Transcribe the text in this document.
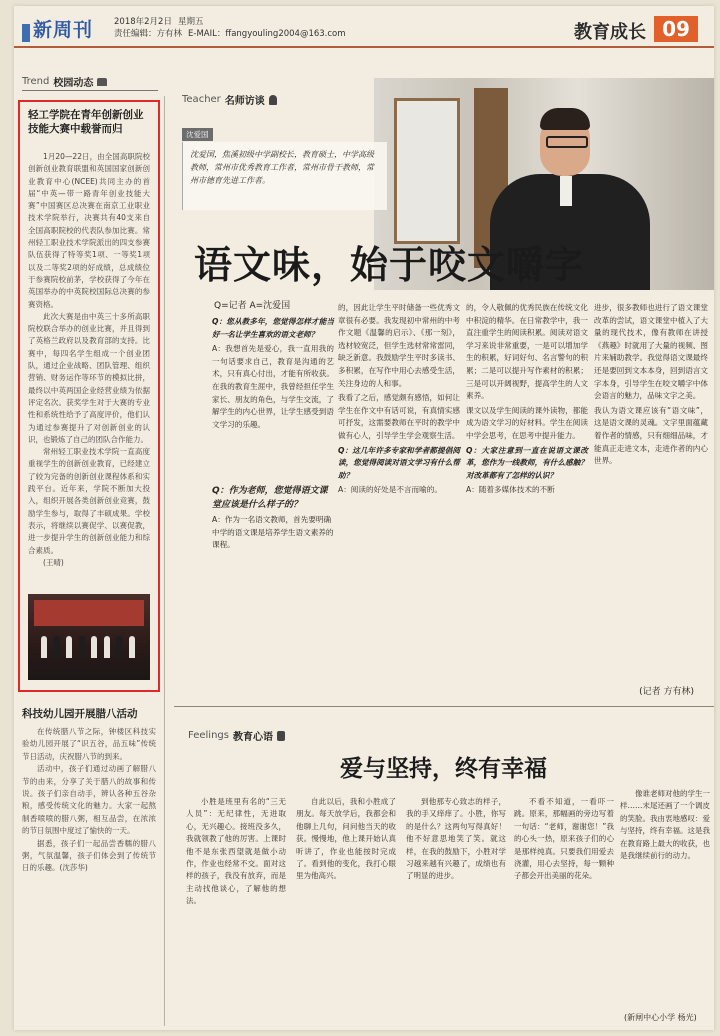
新周刊 2018年2月2日 星期五
责任编辑：方有林 E-MAIL：ffangyouling2004@163.com	教育成长 09
Trend 校园动态
轻工学院在青年创新创业技能大赛中载誉而归

1月20—22日，由全国高职院校创新创业教育联盟和英国国家创新创业教育中心(NCEE)共同主办的首届“中英—带一路青年创业技能大赛”中国赛区总决赛在南京工业职业技术学院举行，决赛共有40支来自全国高职院校的代表队参加比赛。常州轻工职业技术学院派出的四支参赛队伍获得了特等奖1项、一等奖1项以及二等奖2项的好成绩，总成绩位于参赛院校前茅，学校获得了今年在英国举办的中英院校国际总决赛的参赛资格。

此次大赛是由中英三十多所高职院校联合举办的创业比赛，并且得到了英格兰政府以及教育部的支持。比赛中，每四名学生组成一个创业团队，通过企业战略、团队管理、组织营销、财务运作等环节的模拟比拼，最终以中英两国企业经营业绩为依据评定名次。获奖学生对于大赛的专业性和系统性给予了高度评价，他们认为通过参赛提升了对创新创业的认识，也锻炼了自己的团队合作能力。

常州轻工职业技术学院一直高度重视学生的创新创业教育，已经建立了较为完备的创新创业课程体系和实践平台。近年来，学院不断加大投入，组织开展各类创新创业竞赛，鼓励学生参与，取得了丰硕成果。学校表示，将继续以赛促学、以赛促教，进一步提升学生的创新创业能力和综合素质。

(王晴)

科技幼儿园开展腊八活动

在传统腊八节之际，钟楼区科技实验幼儿园开展了“识五谷，品五味”传统节日活动，庆祝腊八节的到来。

活动中，孩子们通过动画了解腊八节的由来，分享了关于腊八的故事和传说。孩子们亲自动手，辨认各种五谷杂粮，感受传统文化的魅力。大家一起熬制香喷喷的腊八粥，相互品尝，在浓浓的节日氛围中度过了愉快的一天。

据悉，孩子们一起品尝香糯的腊八粥，气氛温馨，孩子们体会到了传统节日的乐趣。(沈莎华)

Teacher 名师访谈
沈爱国
沈爱国，焦溪初级中学副校长，教育硕士，中学高级教师，常州市优秀教育工作者，常州市骨干教师，常州市德育先进工作者。
语文味，始于咬文嚼字
Q=记者 A=沈爱国

Q：您从教多年，您觉得怎样才能当好一名让学生喜欢的语文老师？

A：我想首先是爱心，我一直用我的一句话要求自己，教育是沟通的艺术，只有真心付出，才能有所收获。在我的教育生涯中，我曾经担任学生家长、朋友的角色，与学生交流，了解学生的内心世界，让学生感受到语文学习的乐趣。

的，因此让学生平时储备一些优秀文章很有必要。我发现初中常州的中考作文题《温馨的启示》、《那一刻》，选材较宽泛，但学生选材常常雷同，缺乏新意。我鼓励学生平时多读书、多积累，在写作中用心去感受生活，关注身边的人和事。

我看了之后，感觉颇有感悟，如何让学生在作文中有话可说，有真情实感可抒发，这需要教师在平时的教学中做有心人，引导学生学会观察生活。

Q：这几年许多专家和学者都提倡阅读，您觉得阅读对语文学习有什么帮助？

A：阅读的好处是不言而喻的。

的，令人敬佩的优秀民族在传统文化中积淀的精华。在日常教学中，我一直注重学生的阅读积累。阅读对语文学习来说非常重要，一是可以增加学生的积累，好词好句、名言警句的积累；二是可以提升写作素材的积累；三是可以开阔视野，提高学生的人文素养。

课文以及学生阅读的课外读物，都能成为语文学习的好材料。学生在阅读中学会思考，在思考中提升能力。

Q：大家注意到一直在说语文课改革，您作为一线教师，有什么感触？对改革都有了怎样的认识？

A：随着多媒体技术的不断

进步，很多教师也进行了语文课堂改革的尝试，语文课堂中植入了大量的现代技术，像有教师在讲授《燕趣》时就用了大量的视频、图片来辅助教学。我觉得语文课最终还是要回到文本本身，回到语言文字本身，引导学生在咬文嚼字中体会语言的魅力，品味文字之美。

我认为语文课应该有“语文味”，这是语文课的灵魂。文字里面蕴藏着作者的情感，只有细细品味，才能真正走进文本，走进作者的内心世界。

Q：作为老师，您觉得语文课堂应该是什么样子的？

A：作为一名语文教师，首先要明确中学的语文课是培养学生语文素养的课程。

(记者 方有林)
Feelings 教育心语
爱与坚持，终有幸福

小胜是班里有名的“三无人员”：无纪律性，无进取心，无兴趣心。接班没多久，我就领教了他的厉害。上课时他不是东张西望就是做小动作，作业也经常不交。面对这样的孩子，我没有放弃，而是主动找他谈心，了解他的想法。

自此以后，我和小胜成了朋友。每天放学后，我都会和他聊上几句，问问他当天的收获。慢慢地，他上课开始认真听讲了，作业也能按时完成了。看到他的变化，我打心眼里为他高兴。

到他那专心致志的样子，我的手又痒痒了。小胜，你写的是什么？这两句写得真好！他不好意思地笑了笑。就这样，在我的鼓励下，小胜对学习越来越有兴趣了，成绩也有了明显的进步。

不看不知道，一看吓一跳。原来，那幅画的旁边写着一句话：“老师，谢谢您！”我的心头一热，原来孩子们的心是那样纯真。只要我们用爱去浇灌，用心去坚持，每一颗种子都会开出美丽的花朵。

像谁老师对他的学生一样……末尾还画了一个调皮的笑脸。我由衷地感叹：爱与坚持，终有幸福。这是我在教育路上最大的收获，也是我继续前行的动力。

(新闸中心小学 杨光)
